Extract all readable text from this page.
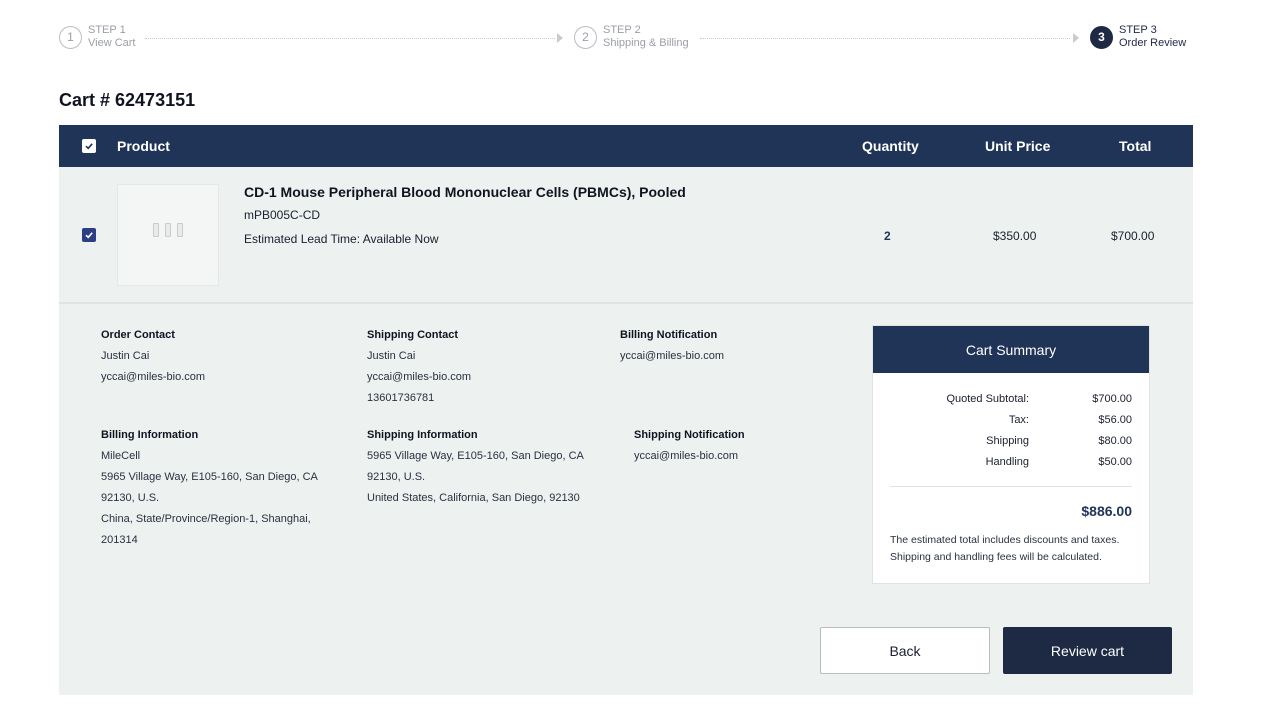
1	STEP 1
View Cart	2	STEP 2
Shipping & Billing	3	STEP 3
Order Review
Cart # 62473151
Product	Quantity	Unit Price	Total
CD-1 Mouse Peripheral Blood Mononuclear Cells (PBMCs), Pooled
mPB005C-CD
Estimated Lead Time: Available Now	2	$350.00	$700.00
Order Contact
Justin Cai
yccai@miles-bio.com
Shipping Contact
Justin Cai
yccai@miles-bio.com
13601736781
Billing Notification
yccai@miles-bio.com
Billing Information
MileCell
5965 Village Way, E105-160, San Diego, CA
92130, U.S.
China, State/Province/Region-1, Shanghai,
201314
Shipping Information
5965 Village Way, E105-160, San Diego, CA
92130, U.S.
United States, California, San Diego, 92130
Shipping Notification
yccai@miles-bio.com
Cart Summary
Quoted Subtotal:	$700.00
Tax:	$56.00
Shipping	$80.00
Handling	$50.00
$886.00
The estimated total includes discounts and taxes. Shipping and handling fees will be calculated.
Back	Review cart
